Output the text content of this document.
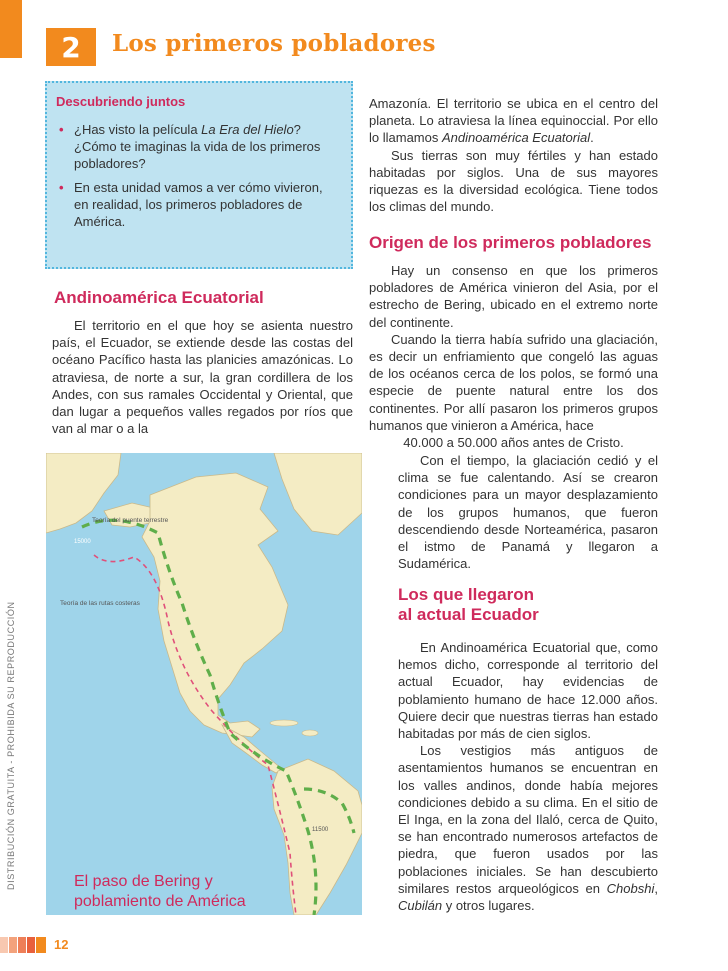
2	Los primeros pobladores
Descubriendo juntos
• ¿Has visto la película La Era del Hielo? ¿Cómo te imaginas la vida de los primeros pobladores?
• En esta unidad vamos a ver cómo vivieron, en realidad, los primeros pobladores de América.
Andinoamérica Ecuatorial

El territorio en el que hoy se asienta nuestro país, el Ecuador, se extiende desde las costas del océano Pacífico hasta las planicies amazónicas. Lo atraviesa, de norte a sur, la gran cordillera de los Andes, con sus ramales Occidental y Oriental, que dan lugar a pequeños valles regados por ríos que van al mar o a la

Amazonía. El territorio se ubica en el centro del planeta. Lo atraviesa la línea equinoccial. Por ello lo llamamos Andinoamérica Ecuatorial.

Sus tierras son muy fértiles y han estado habitadas por siglos. Una de sus mayores riquezas es la diversidad ecológica. Tiene todos los climas del mundo.

Origen de los primeros pobladores

Hay un consenso en que los primeros pobladores de América vinieron del Asia, por el estrecho de Bering, ubicado en el extremo norte del continente.

Cuando la tierra había sufrido una glaciación, es decir un enfriamiento que congeló las aguas de los océanos cerca de los polos, se formó una especie de puente natural entre los dos continentes. Por allí pasaron los primeros grupos humanos que vinieron a América, hace

40.000 a 50.000 años antes de Cristo.

Con el tiempo, la glaciación cedió y el clima se fue calentando. Así se crearon condiciones para un mayor desplazamiento de los grupos humanos, que fueron descendiendo desde Norteamérica, pasaron el istmo de Panamá y llegaron a Sudamérica.

Los que llegaron
al actual Ecuador

En Andinoamérica Ecuatorial que, como hemos dicho, corresponde al territorio del actual Ecuador, hay evidencias de poblamiento humano de hace 12.000 años. Quiere decir que nuestras tierras han estado habitadas por más de cien siglos.

Los vestigios más antiguos de asentamientos humanos se encuentran en los valles andinos, donde había mejores condiciones debido a su clima. En el sitio de El Inga, en la zona del Ilaló, cerca de Quito, se han encontrado numerosos artefactos de piedra, que fueron usados por las poblaciones iniciales. Se han descubierto similares restos arqueológicos en Chobshi, Cubilán y otros lugares.

Teoría del puente terrestre
15000
Teoría de las rutas costeras
11500
El paso de Bering y
poblamiento de América
DISTRIBUCIÓN GRATUITA - PROHIBIDA SU REPRODUCCIÓN
12
